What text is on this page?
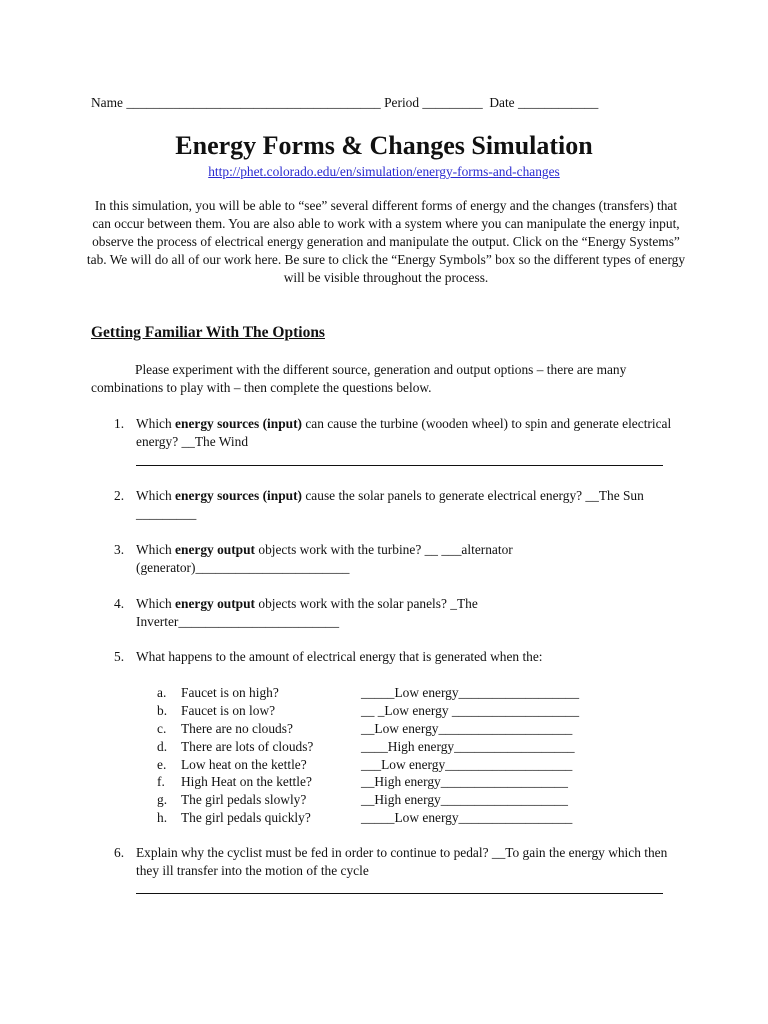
Name ______________________________________ Period _________  Date ____________
Energy Forms & Changes Simulation
http://phet.colorado.edu/en/simulation/energy-forms-and-changes
In this simulation, you will be able to “see” several different forms of energy and the changes (transfers) that can occur between them. You are also able to work with a system where you can manipulate the energy input, observe the process of electrical energy generation and manipulate the output. Click on the “Energy Systems” tab. We will do all of our work here. Be sure to click the “Energy Symbols” box so the different types of energy will be visible throughout the process.
Getting Familiar With The Options
Please experiment with the different source, generation and output options – there are many combinations to play with – then complete the questions below.
1. Which energy sources (input) can cause the turbine (wooden wheel) to spin and generate electrical energy? __The Wind
2. Which energy sources (input) cause the solar panels to generate electrical energy? __The Sun _________
3. Which energy output objects work with the turbine? __ ___alternator (generator)_______________________
4. Which energy output objects work with the solar panels? _The Inverter________________________
5. What happens to the amount of electrical energy that is generated when the:
a. Faucet is on high?	_____Low energy__________________
b. Faucet is on low?	__ _Low energy ___________________
c. There are no clouds?	__Low energy____________________
d. There are lots of clouds?	____High energy__________________
e. Low heat on the kettle?	___Low energy___________________
f. High Heat on the kettle?	__High energy___________________
g. The girl pedals slowly?	__High energy___________________
h. The girl pedals quickly?	_____Low energy_________________
6. Explain why the cyclist must be fed in order to continue to pedal? __To gain the energy which then they ill transfer into the motion of the cycle
